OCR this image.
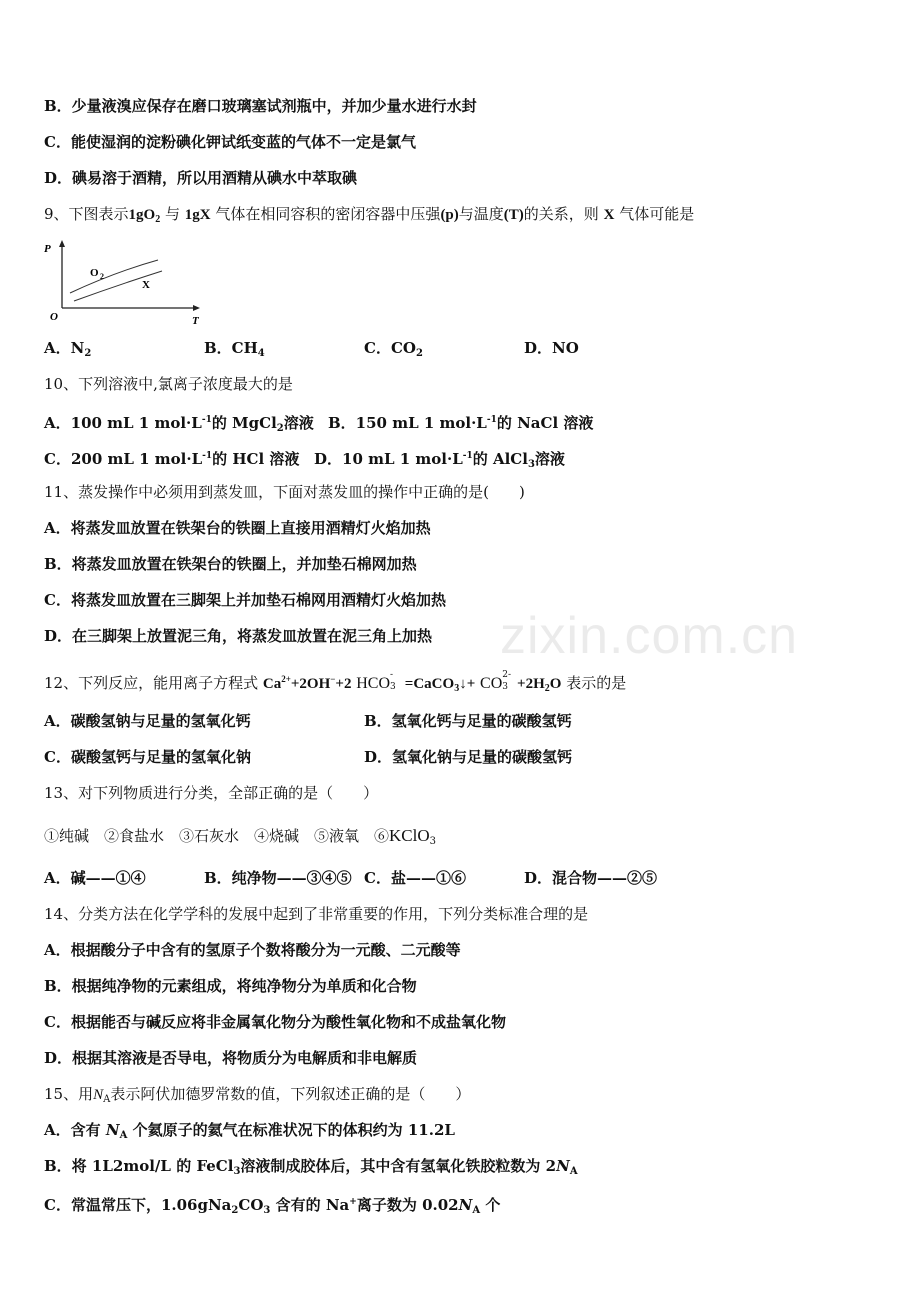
zixin.com.cn
B．少量液溴应保存在磨口玻璃塞试剂瓶中，并加少量水进行水封
C．能使湿润的淀粉碘化钾试纸变蓝的气体不一定是氯气
D．碘易溶于酒精，所以用酒精从碘水中萃取碘
9、下图表示$1gO_2$ 与 1gX 气体在相同容积的密闭容器中压强(p)与温度(T)的关系，则 X 气体可能是
P
O	T
O 2
X
A．$N_2$	B．$CH_4$	C．$CO_2$	D．NO
10、下列溶液中,氯离子浓度最大的是
A．100 mL 1 $mol\cdot L^{-1}$的 MgCl$_2$溶液 B．150 mL 1 $mol\cdot L^{-1}$的 NaCl 溶液
C．200 mL 1 $mol\cdot L^{-1}$的 HCl 溶液 D．10 mL 1 $mol\cdot L^{-1}$的 AlCl$_3$溶液
11、蒸发操作中必须用到蒸发皿，下面对蒸发皿的操作中正确的是(　　)
A．将蒸发皿放置在铁架台的铁圈上直接用酒精灯火焰加热
B．将蒸发皿放置在铁架台的铁圈上，并加垫石棉网加热
C．将蒸发皿放置在三脚架上并加垫石棉网用酒精灯火焰加热
D．在三脚架上放置泥三角，将蒸发皿放置在泥三角上加热
12、下列反应，能用离子方程式 $Ca^{2+}+2OH^-+2$ HCO -
3 =CaCO$_3$↓+ CO 2-
$3 +2H_2O$ 表示的是
A．碳酸氢钠与足量的氢氧化钙	B．氢氧化钙与足量的碳酸氢钙
C．碳酸氢钙与足量的氢氧化钠	D．氢氧化钠与足量的碳酸氢钙
13、对下列物质进行分类，全部正确的是（　　）
①纯碱　②食盐水　③石灰水　④烧碱　⑤液氧　⑥KClO$_3$
A．碱——①④	B．纯净物——③④⑤ C．盐——①⑥	D．混合物——②⑤
14、分类方法在化学学科的发展中起到了非常重要的作用，下列分类标准合理的是
A．根据酸分子中含有的氢原子个数将酸分为一元酸、二元酸等
B．根据纯净物的元素组成，将纯净物分为单质和化合物
C．根据能否与碱反应将非金属氧化物分为酸性氧化物和不成盐氧化物
D．根据其溶液是否导电，将物质分为电解质和非电解质
15、用$N_A$表示阿伏加德罗常数的值，下列叙述正确的是（　　）
A．含有 $N_A$ 个氦原子的氦气在标准状况下的体积约为 11.2L
B．将 1L2mol/L 的 FeCl$_3$溶液制成胶体后，其中含有氢氧化铁胶粒数为 $2N_A$
C．常温常压下，$1.06gNa_2CO_3$ 含有的 Na+离子数为 $0.02N_A$ 个
